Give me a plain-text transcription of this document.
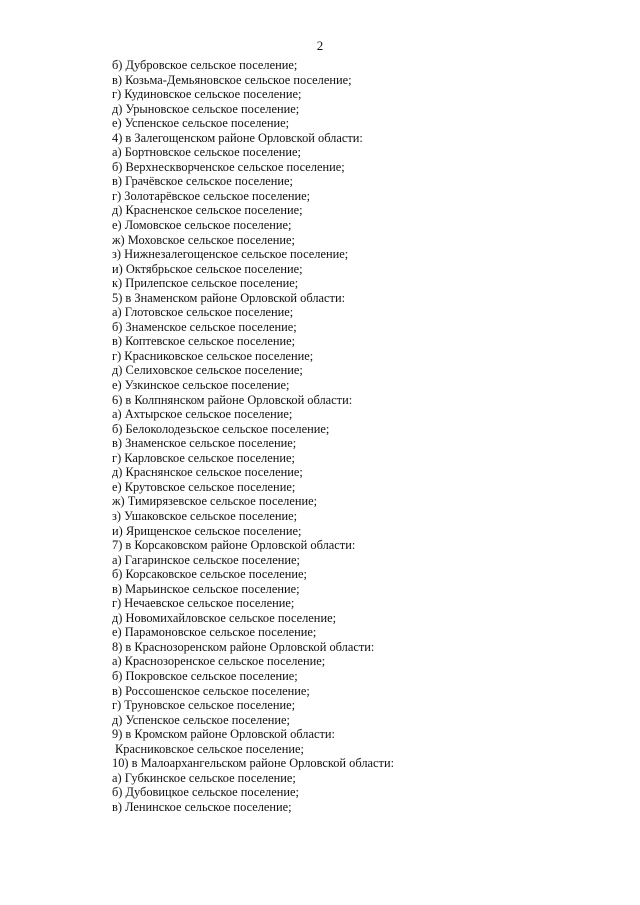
2
б) Дубровское сельское поселение;
в) Козьма-Демьяновское сельское поселение;
г) Кудиновское сельское поселение;
д) Урыновское сельское поселение;
е) Успенское сельское поселение;
4) в Залегощенском районе Орловской области:
а) Бортновское сельское поселение;
б) Верхнескворченское сельское поселение;
в) Грачёвское сельское поселение;
г) Золотарёвское сельское поселение;
д) Красненское сельское поселение;
е) Ломовское сельское поселение;
ж) Моховское сельское поселение;
з) Нижнезалегощенское сельское поселение;
и) Октябрьское сельское поселение;
к) Прилепское сельское поселение;
5) в Знаменском районе Орловской области:
а) Глотовское сельское поселение;
б) Знаменское сельское поселение;
в) Коптевское сельское поселение;
г) Красниковское сельское поселение;
д) Селиховское сельское поселение;
е) Узкинское сельское поселение;
6) в Колпнянском районе Орловской области:
а) Ахтырское сельское поселение;
б) Белоколодезьское сельское поселение;
в) Знаменское сельское поселение;
г) Карловское сельское поселение;
д) Краснянское сельское поселение;
е) Крутовское сельское поселение;
ж) Тимирязевское сельское поселение;
з) Ушаковское сельское поселение;
и) Ярищенское сельское поселение;
7) в Корсаковском районе Орловской области:
а) Гагаринское сельское поселение;
б) Корсаковское сельское поселение;
в) Марьинское сельское поселение;
г) Нечаевское сельское поселение;
д) Новомихайловское сельское поселение;
е) Парамоновское сельское поселение;
8) в Краснозоренском районе Орловской области:
а) Краснозоренское сельское поселение;
б) Покровское сельское поселение;
в) Россошенское сельское поселение;
г) Труновское сельское поселение;
д) Успенское сельское поселение;
9) в Кромском районе Орловской области:
Красниковское сельское поселение;
10) в Малоархангельском районе Орловской области:
а) Губкинское сельское поселение;
б) Дубовицкое сельское поселение;
в) Ленинское сельское поселение;
